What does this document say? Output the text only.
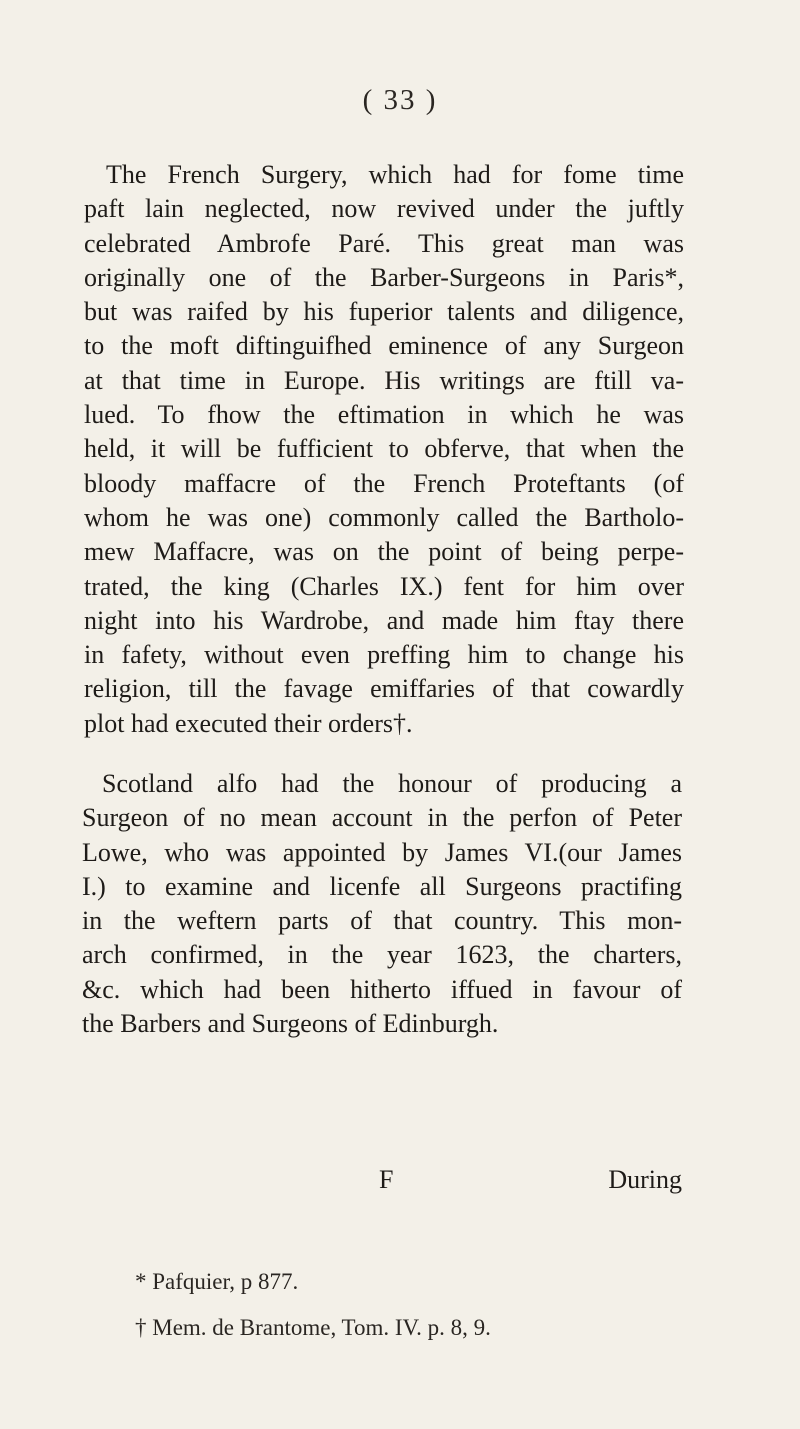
( 33 )
The French Surgery, which had for fome time
paft lain neglected, now revived under the juftly
celebrated Ambrofe Paré. This great man was
originally one of the Barber-Surgeons in Paris*,
but was raifed by his fuperior talents and diligence,
to the moft diftinguifhed eminence of any Surgeon
at that time in Europe. His writings are ftill va-
lued. To fhow the eftimation in which he was
held, it will be fufficient to obferve, that when the
bloody maffacre of the French Proteftants (of
whom he was one) commonly called the Bartholo-
mew Maffacre, was on the point of being perpe-
trated, the king (Charles IX.) fent for him over
night into his Wardrobe, and made him ftay there
in fafety, without even preffing him to change his
religion, till the favage emiffaries of that cowardly
plot had executed their orders†.
Scotland alfo had the honour of producing a
Surgeon of no mean account in the perfon of Peter
Lowe, who was appointed by James VI.(our James
I.) to examine and licenfe all Surgeons practifing
in the weftern parts of that country. This mon-
arch confirmed, in the year 1623, the charters,
&c. which had been hitherto iffued in favour of
the Barbers and Surgeons of Edinburgh.
F	During
* Pafquier, p 877.
† Mem. de Brantome, Tom. IV. p. 8, 9.
